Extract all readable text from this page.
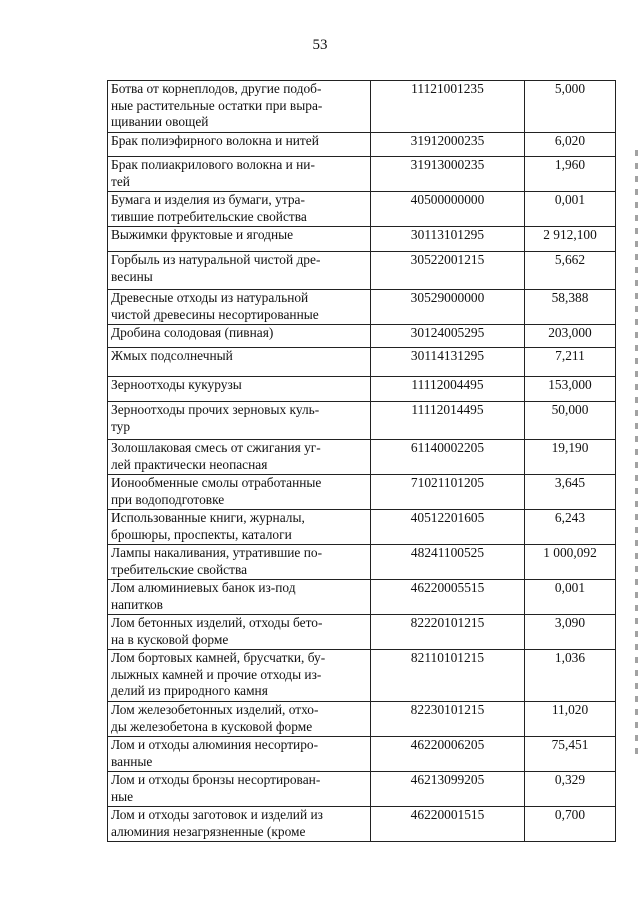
53
Ботва от корнеплодов, другие подоб-
ные растительные остатки при выра-
щивании овощей	11121001235	5,000
Брак полиэфирного волокна и нитей	31912000235	6,020
Брак полиакрилового волокна и ни-
тей	31913000235	1,960
Бумага и изделия из бумаги, утра-
тившие потребительские свойства	40500000000	0,001
Выжимки фруктовые и ягодные	30113101295	2 912,100
Горбыль из натуральной чистой дре-
весины	30522001215	5,662
Древесные отходы из натуральной
чистой древесины несортированные	30529000000	58,388
Дробина солодовая (пивная)	30124005295	203,000
Жмых подсолнечный	30114131295	7,211
Зерноотходы кукурузы	11112004495	153,000
Зерноотходы прочих зерновых куль-
тур	11112014495	50,000
Золошлаковая смесь от сжигания уг-
лей практически неопасная	61140002205	19,190
Ионообменные смолы отработанные
при водоподготовке	71021101205	3,645
Использованные книги, журналы,
брошюры, проспекты, каталоги	40512201605	6,243
Лампы накаливания, утратившие по-
требительские свойства	48241100525	1 000,092
Лом алюминиевых банок из-под
напитков	46220005515	0,001
Лом бетонных изделий, отходы бето-
на в кусковой форме	82220101215	3,090
Лом бортовых камней, брусчатки, бу-
лыжных камней и прочие отходы из-
делий из природного камня	82110101215	1,036
Лом железобетонных изделий, отхо-
ды железобетона в кусковой форме	82230101215	11,020
Лом и отходы алюминия несортиро-
ванные	46220006205	75,451
Лом и отходы бронзы несортирован-
ные	46213099205	0,329
Лом и отходы заготовок и изделий из
алюминия незагрязненные (кроме	46220001515	0,700
